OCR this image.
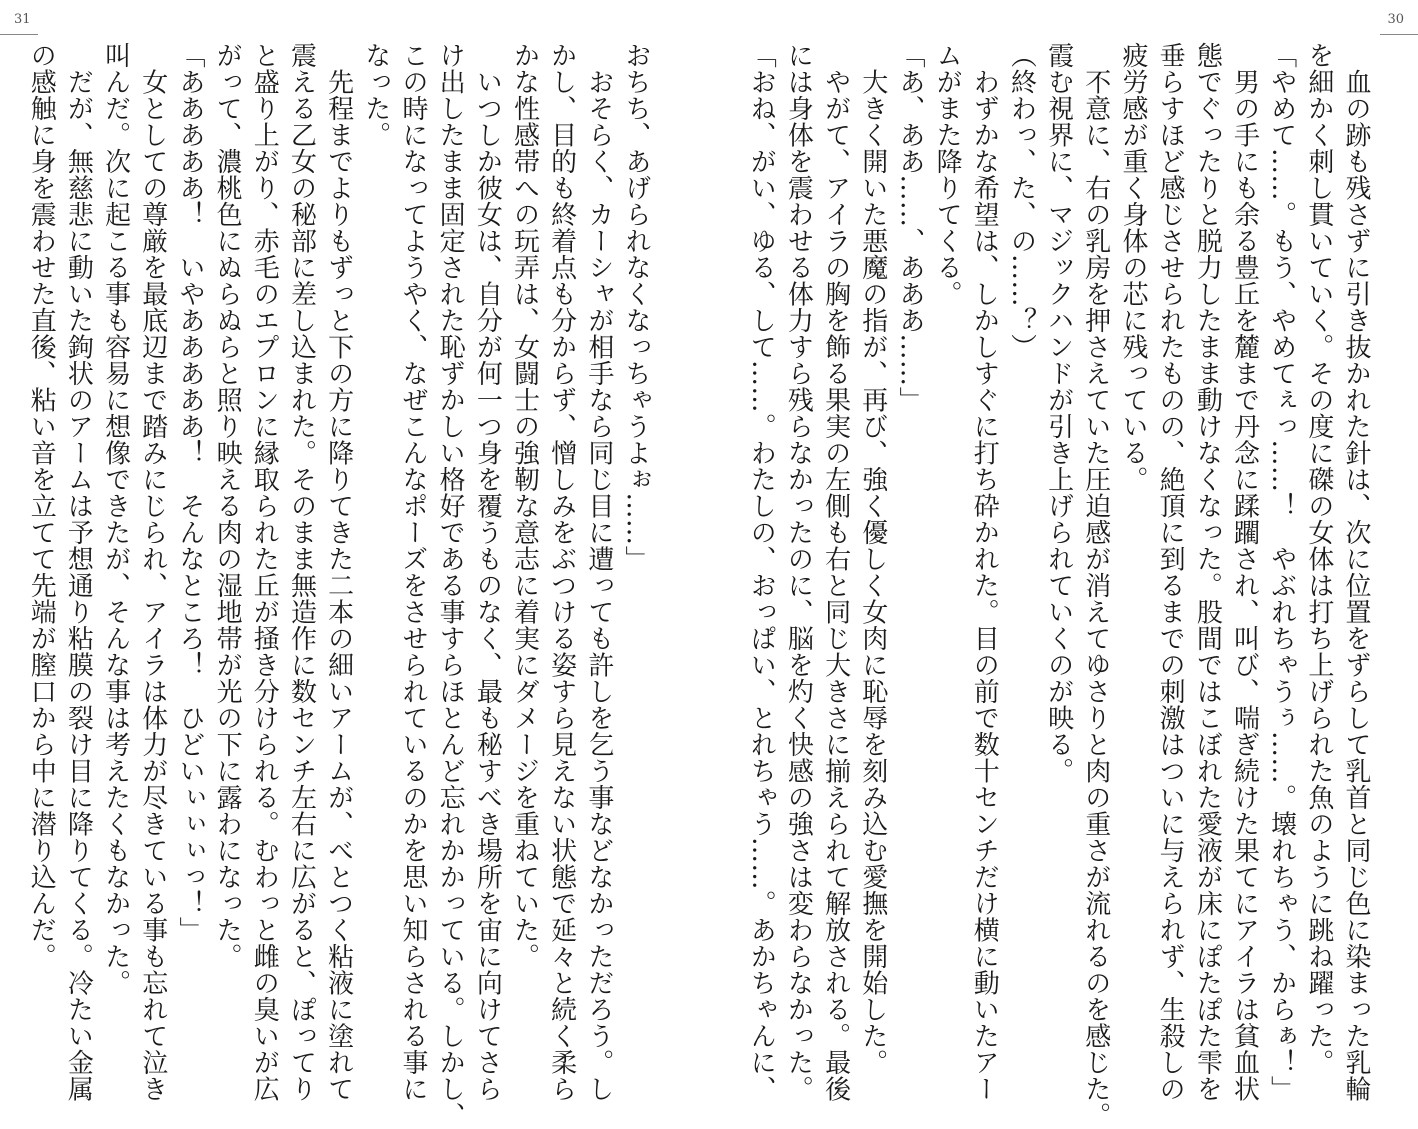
31
おちち、あげられなくなっちゃうよぉ……」
　おそらく、カーシャが相手なら同じ目に遭っても許しを乞う事などなかっただろう。し
かし、目的も終着点も分からず、憎しみをぶつける姿すら見えない状態で延々と続く柔ら
かな性感帯への玩弄は、女闘士の強靭な意志に着実にダメージを重ねていた。
　いつしか彼女は、自分が何一つ身を覆うものなく、最も秘すべき場所を宙に向けてさら
け出したまま固定された恥ずかしい格好である事すらほとんど忘れかかっている。しかし、
この時になってようやく、なぜこんなポーズをさせられているのかを思い知らされる事に
なった。
　先程までよりもずっと下の方に降りてきた二本の細いアームが、べとつく粘液に塗れて
震える乙女の秘部に差し込まれた。そのまま無造作に数センチ左右に広がると、ぽってり
と盛り上がり、赤毛のエプロンに縁取られた丘が掻き分けられる。むわっと雌の臭いが広
がって、濃桃色にぬらぬらと照り映える肉の湿地帯が光の下に露わになった。
「あああああ！　いやあああああ！　そんなところ！　ひどいぃぃぃっ！」
　女としての尊厳を最底辺まで踏みにじられ、アイラは体力が尽きている事も忘れて泣き
叫んだ。次に起こる事も容易に想像できたが、そんな事は考えたくもなかった。
　だが、無慈悲に動いた鉤状のアームは予想通り粘膜の裂け目に降りてくる。冷たい金属
の感触に身を震わせた直後、粘い音を立てて先端が膣口から中に潜り込んだ。
30
　血の跡も残さずに引き抜かれた針は、次に位置をずらして乳首と同じ色に染まった乳輪
を細かく刺し貫いていく。その度に磔の女体は打ち上げられた魚のように跳ね躍った。
「やめて……。もう、やめてぇっ……！　やぶれちゃうぅ……。壊れちゃう、からぁ！」
　男の手にも余る豊丘を麓まで丹念に蹂躙され、叫び、喘ぎ続けた果てにアイラは貧血状
態でぐったりと脱力したまま動けなくなった。股間ではこぼれた愛液が床にぽたぽた雫を
垂らすほど感じさせられたものの、絶頂に到るまでの刺激はついに与えられず、生殺しの
疲労感が重く身体の芯に残っている。
　不意に、右の乳房を押さえていた圧迫感が消えてゆさりと肉の重さが流れるのを感じた。
霞む視界に、マジックハンドが引き上げられていくのが映る。
（終わっ、た、の……？）
　わずかな希望は、しかしすぐに打ち砕かれた。目の前で数十センチだけ横に動いたアー
ムがまた降りてくる。
「あ、ああ……、あああ……」
　大きく開いた悪魔の指が、再び、強く優しく女肉に恥辱を刻み込む愛撫を開始した。
　やがて、アイラの胸を飾る果実の左側も右と同じ大きさに揃えられて解放される。最後
には身体を震わせる体力すら残らなかったのに、脳を灼く快感の強さは変わらなかった。
「おね、がい、ゆる、して……。わたしの、おっぱい、とれちゃう……。あかちゃんに、
